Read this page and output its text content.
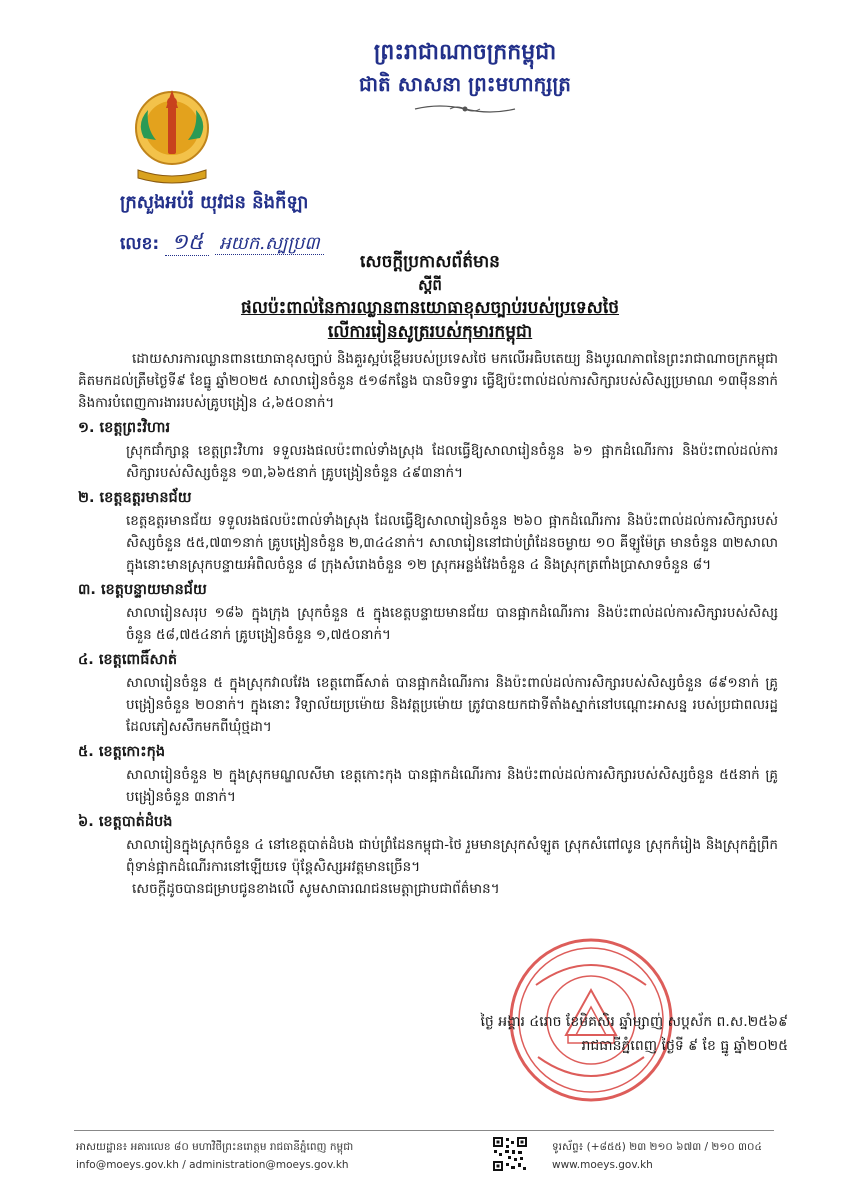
ព្រះរាជាណាចក្រកម្ពុជា
ជាតិ សាសនា ព្រះមហាក្សត្រ
ក្រសួងអប់រំ យុវជន និងកីឡា
លេខ: ១៥ អយក.ស្បប្រ៣
សេចក្តីប្រកាសព័ត៌មាន
ស្តីពី
ផលប៉ះពាល់នៃការឈ្លានពានយោធាខុសច្បាប់របស់ប្រទេសថៃ
លើការរៀនសូត្ររបស់កុមារកម្ពុជា

ដោយសារការឈ្លានពានយោធាខុសច្បាប់ និងគួរស្អប់ខ្ពើមរបស់ប្រទេសថៃ មកលើអធិបតេយ្យ និងបូរណភាពនៃព្រះរាជាណាចក្រកម្ពុជា គិតមកដល់ត្រឹមថ្ងៃទី៩ ខែធ្នូ ឆ្នាំ២០២៥ សាលារៀនចំនួន ៥១៨កន្លែង បានបិទទ្វារ ធ្វើឱ្យប៉ះពាល់ដល់ការសិក្សារបស់សិស្សប្រមាណ ១៣ម៉ឺននាក់ និងការបំពេញការងាររបស់គ្រូបង្រៀន ៤,៦៥០នាក់។

១. ខេត្តព្រះវិហារ

ស្រុកជាំក្សាន្ត ខេត្តព្រះវិហារ ទទួលរងផលប៉ះពាល់ទាំងស្រុង ដែលធ្វើឱ្យសាលារៀនចំនួន ៦១ ផ្អាកដំណើរការ និងប៉ះពាល់ដល់ការសិក្សារបស់សិស្សចំនួន ១៣,៦៦៥នាក់ គ្រូបង្រៀនចំនួន ៤៩៣នាក់។

២. ខេត្តឧត្តរមានជ័យ

ខេត្តឧត្តរមានជ័យ ទទួលរងផលប៉ះពាល់ទាំងស្រុង ដែលធ្វើឱ្យសាលារៀនចំនួន ២៦០ ផ្អាកដំណើរការ និងប៉ះពាល់ដល់ការសិក្សារបស់សិស្សចំនួន ៥៥,៧៣១នាក់ គ្រូបង្រៀនចំនួន ២,៣៤៤នាក់។ សាលារៀននៅជាប់ព្រំដែនចម្ងាយ ១០ គីឡូម៉ែត្រ មានចំនួន ៣២សាលា ក្នុងនោះមានស្រុកបន្ទាយអំពិលចំនួន ៨ ក្រុងសំរោងចំនួន ១២ ស្រុកអន្លង់វែងចំនួន ៤ និងស្រុកត្រពាំងប្រាសាទចំនួន ៨។

៣. ខេត្តបន្ទាយមានជ័យ

សាលារៀនសរុប ១៨៦ ក្នុងក្រុង ស្រុកចំនួន ៥ ក្នុងខេត្តបន្ទាយមានជ័យ បានផ្អាកដំណើរការ និងប៉ះពាល់ដល់ការសិក្សារបស់សិស្សចំនួន ៥៨,៧៥៤នាក់ គ្រូបង្រៀនចំនួន ១,៧៥០នាក់។

៤. ខេត្តពោធិ៍សាត់

សាលារៀនចំនួន ៥ ក្នុងស្រុកវាលវែង ខេត្តពោធិ៍សាត់ បានផ្អាកដំណើរការ និងប៉ះពាល់ដល់ការសិក្សារបស់សិស្សចំនួន ៨៩១នាក់ គ្រូបង្រៀនចំនួន ២០នាក់។ ក្នុងនោះ វិទ្យាល័យប្រម៉ោយ និងវត្តប្រម៉ោយ ត្រូវបានយកជាទីតាំងស្នាក់នៅបណ្តោះអាសន្ន របស់ប្រជាពលរដ្ឋដែលភៀសសឹកមកពីឃុំថ្មដា។

៥. ខេត្តកោះកុង

សាលារៀនចំនួន ២ ក្នុងស្រុកមណ្ឌលសីមា ខេត្តកោះកុង បានផ្អាកដំណើរការ និងប៉ះពាល់ដល់ការសិក្សារបស់សិស្សចំនួន ៥៥នាក់ គ្រូបង្រៀនចំនួន ៣នាក់។

៦. ខេត្តបាត់ដំបង

សាលារៀនក្នុងស្រុកចំនួន ៤ នៅខេត្តបាត់ដំបង ជាប់ព្រំដែនកម្ពុជា-ថៃ រួមមានស្រុកសំឡូត ស្រុកសំពៅលូន ស្រុកកំរៀង និងស្រុកភ្នំព្រឹក ពុំទាន់ផ្អាកដំណើរការនៅឡើយទេ ប៉ុន្តែសិស្សអវត្តមានច្រើន។

សេចក្តីដូចបានជម្រាបជូនខាងលើ សូមសាធារណជនមេត្តាជ្រាបជាព័ត៌មាន។

ថ្ងៃ អង្គារ ៤រោច ខែមិគសិរ ឆ្នាំម្សាញ់ សប្តស័ក ព.ស.២៥៦៩
រាជធានីភ្នំពេញ ថ្ងៃទី ៩ ខែ ធ្នូ ឆ្នាំ២០២៥
អាសយដ្ឋាន៖ អគារលេខ ៨០ មហាវិថីព្រះនរោត្តម រាជធានីភ្នំពេញ កម្ពុជា
info@moeys.gov.kh / administration@moeys.gov.kh
ទូរស័ព្ទ៖ (+៨៥៥) ២៣ ២១០ ៦៧៣ / ២១០ ៣០៤
www.moeys.gov.kh
